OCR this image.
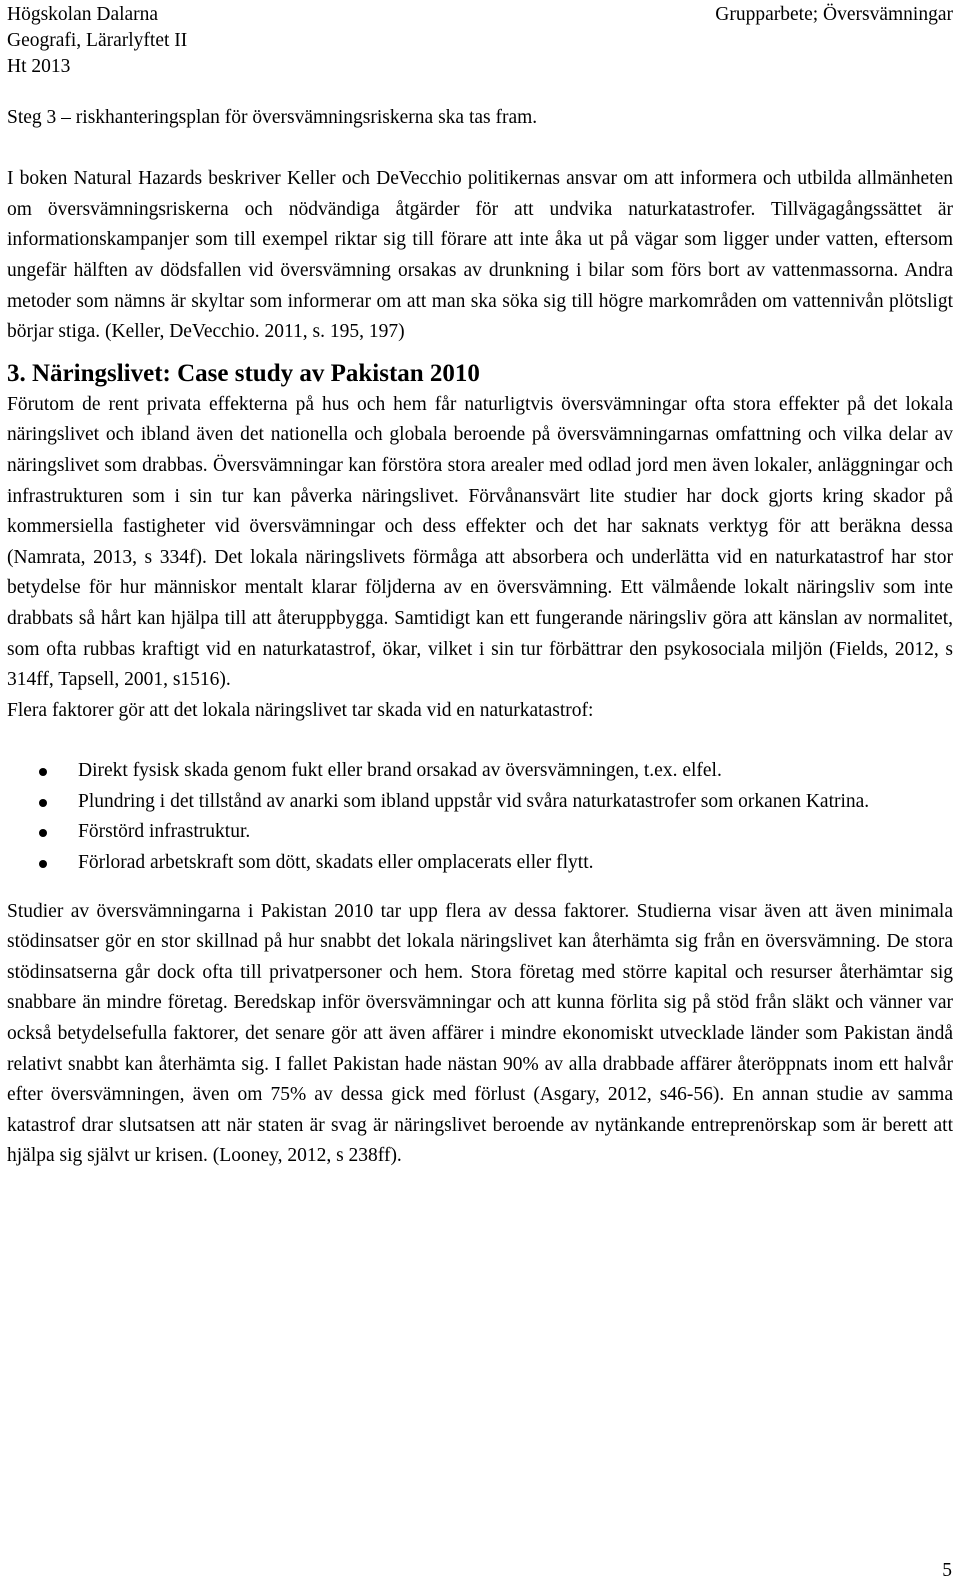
Högskolan Dalarna
Geografi, Lärarlyftet II
Ht 2013
Grupparbete; Översvämningar

Steg 3 – riskhanteringsplan för översvämningsriskerna ska tas fram.

I boken Natural Hazards beskriver Keller och DeVecchio politikernas ansvar om att informera och utbilda allmänheten om översvämningsriskerna och nödvändiga åtgärder för att undvika naturkatastrofer. Tillvägagångssättet är informationskampanjer som till exempel riktar sig till förare att inte åka ut på vägar som ligger under vatten, eftersom ungefär hälften av dödsfallen vid översvämning orsakas av drunkning i bilar som förs bort av vattenmassorna. Andra metoder som nämns är skyltar som informerar om att man ska söka sig till högre markområden om vattennivån plötsligt börjar stiga. (Keller, DeVecchio. 2011, s. 195, 197)

3. Näringslivet: Case study av Pakistan 2010

Förutom de rent privata effekterna på hus och hem får naturligtvis översvämningar ofta stora effekter på det lokala näringslivet och ibland även det nationella och globala beroende på översvämningarnas omfattning och vilka delar av näringslivet som drabbas. Översvämningar kan förstöra stora arealer med odlad jord men även lokaler, anläggningar och infrastrukturen som i sin tur kan påverka näringslivet. Förvånansvärt lite studier har dock gjorts kring skador på kommersiella fastigheter vid översvämningar och dess effekter och det har saknats verktyg för att beräkna dessa (Namrata, 2013, s 334f). Det lokala näringslivets förmåga att absorbera och underlätta vid en naturkatastrof har stor betydelse för hur människor mentalt klarar följderna av en översvämning. Ett välmående lokalt näringsliv som inte drabbats så hårt kan hjälpa till att återuppbygga. Samtidigt kan ett fungerande näringsliv göra att känslan av normalitet, som ofta rubbas kraftigt vid en naturkatastrof, ökar, vilket i sin tur förbättrar den psykosociala miljön (Fields, 2012, s 314ff, Tapsell, 2001, s1516).

Flera faktorer gör att det lokala näringslivet tar skada vid en naturkatastrof:

Direkt fysisk skada genom fukt eller brand orsakad av översvämningen, t.ex. elfel.
Plundring i det tillstånd av anarki som ibland uppstår vid svåra naturkatastrofer som orkanen Katrina.
Förstörd infrastruktur.
Förlorad arbetskraft som dött, skadats eller omplacerats eller flytt.

Studier av översvämningarna i Pakistan 2010 tar upp flera av dessa faktorer. Studierna visar även att även minimala stödinsatser gör en stor skillnad på hur snabbt det lokala näringslivet kan återhämta sig från en översvämning. De stora stödinsatserna går dock ofta till privatpersoner och hem. Stora företag med större kapital och resurser återhämtar sig snabbare än mindre företag. Beredskap inför översvämningar och att kunna förlita sig på stöd från släkt och vänner var också betydelsefulla faktorer, det senare gör att även affärer i mindre ekonomiskt utvecklade länder som Pakistan ändå relativt snabbt kan återhämta sig. I fallet Pakistan hade nästan 90% av alla drabbade affärer återöppnats inom ett halvår efter översvämningen, även om 75% av dessa gick med förlust (Asgary, 2012, s46-56). En annan studie av samma katastrof drar slutsatsen att när staten är svag är näringslivet beroende av nytänkande entreprenörskap som är berett att hjälpa sig självt ur krisen. (Looney, 2012, s 238ff).

5
